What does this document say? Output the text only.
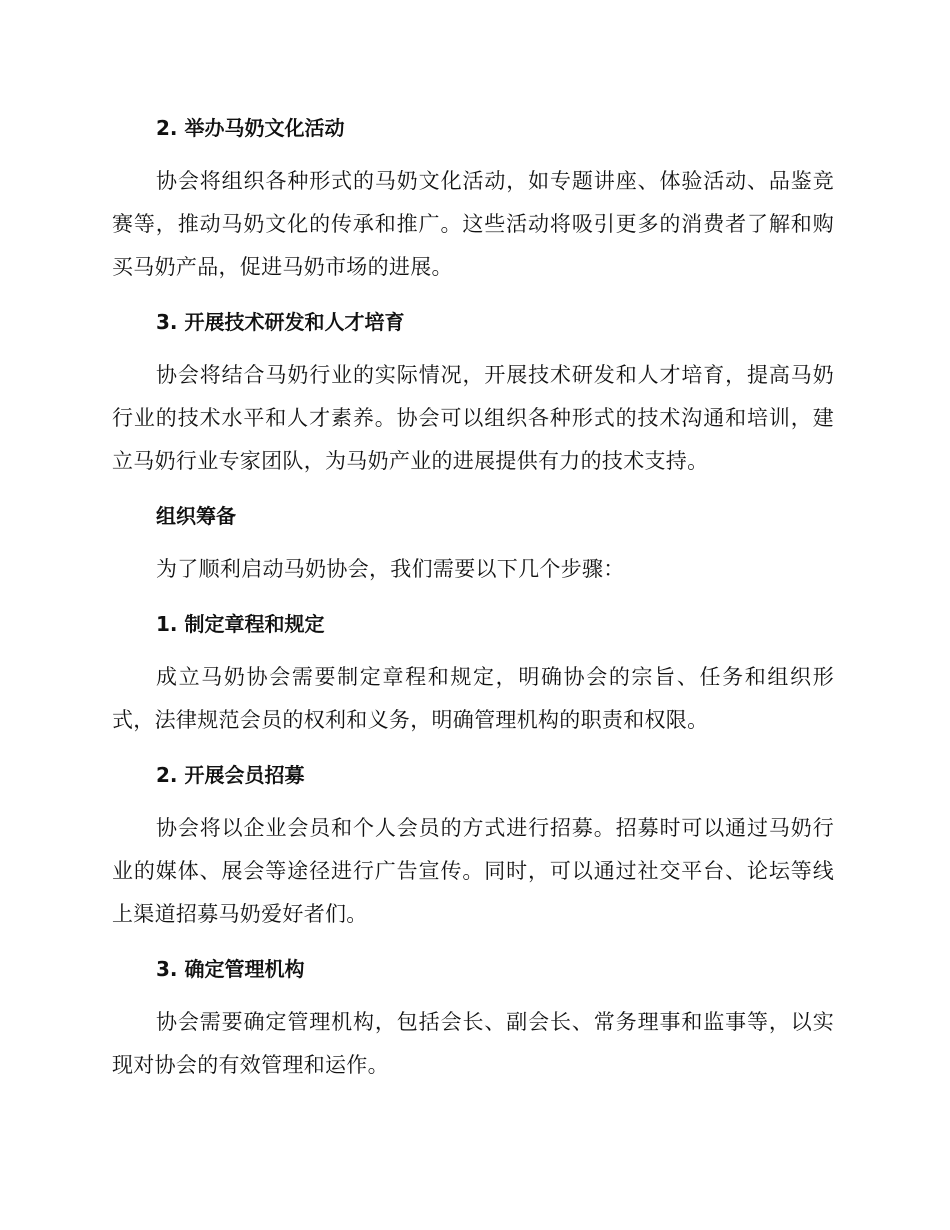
2. 举办马奶文化活动

协会将组织各种形式的马奶文化活动，如专题讲座、体验活动、品鉴竞赛等，推动马奶文化的传承和推广。这些活动将吸引更多的消费者了解和购买马奶产品，促进马奶市场的进展。

3. 开展技术研发和人才培育

协会将结合马奶行业的实际情况，开展技术研发和人才培育，提高马奶行业的技术水平和人才素养。协会可以组织各种形式的技术沟通和培训，建立马奶行业专家团队，为马奶产业的进展提供有力的技术支持。

组织筹备

为了顺利启动马奶协会，我们需要以下几个步骤：

1. 制定章程和规定

成立马奶协会需要制定章程和规定，明确协会的宗旨、任务和组织形式，法律规范会员的权利和义务，明确管理机构的职责和权限。

2. 开展会员招募

协会将以企业会员和个人会员的方式进行招募。招募时可以通过马奶行业的媒体、展会等途径进行广告宣传。同时，可以通过社交平台、论坛等线上渠道招募马奶爱好者们。

3. 确定管理机构

协会需要确定管理机构，包括会长、副会长、常务理事和监事等，以实现对协会的有效管理和运作。
